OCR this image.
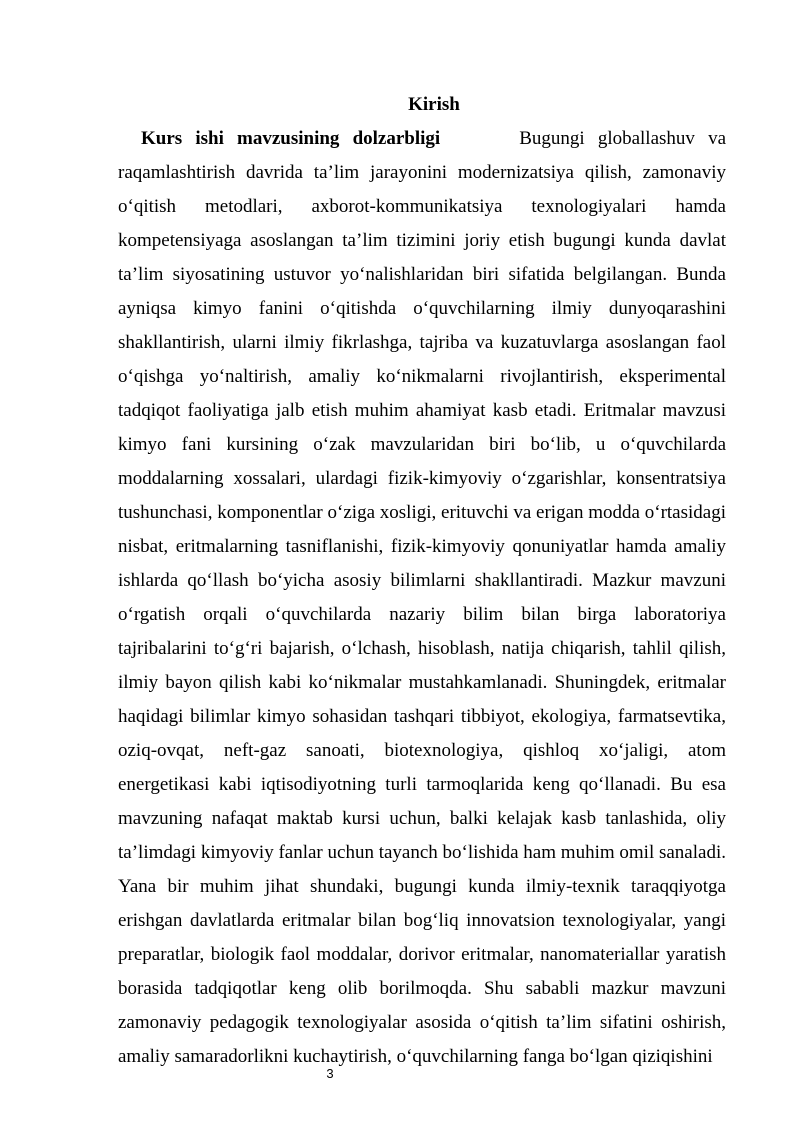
Kirish

Kurs ishi mavzusining dolzarbligi	Bugungi globallashuv va raqamlashtirish davrida ta’lim jarayonini modernizatsiya qilish, zamonaviy o‘qitish metodlari, axborot-kommunikatsiya texnologiyalari hamda kompetensiyaga asoslangan ta’lim tizimini joriy etish bugungi kunda davlat ta’lim siyosatining ustuvor yo‘nalishlaridan biri sifatida belgilangan. Bunda ayniqsa kimyo fanini o‘qitishda o‘quvchilarning ilmiy dunyoqarashini shakllantirish, ularni ilmiy fikrlashga, tajriba va kuzatuvlarga asoslangan faol o‘qishga yo‘naltirish, amaliy ko‘nikmalarni rivojlantirish, eksperimental tadqiqot faoliyatiga jalb etish muhim ahamiyat kasb etadi. Eritmalar mavzusi kimyo fani kursining o‘zak mavzularidan biri bo‘lib, u o‘quvchilarda moddalarning xossalari, ulardagi fizik-kimyoviy o‘zgarishlar, konsentratsiya tushunchasi, komponentlar o‘ziga xosligi, erituvchi va erigan modda o‘rtasidagi nisbat, eritmalarning tasniflanishi, fizik-kimyoviy qonuniyatlar hamda amaliy ishlarda qo‘llash bo‘yicha asosiy bilimlarni shakllantiradi. Mazkur mavzuni o‘rgatish orqali o‘quvchilarda nazariy bilim bilan birga laboratoriya tajribalarini to‘g‘ri bajarish, o‘lchash, hisoblash, natija chiqarish, tahlil qilish, ilmiy bayon qilish kabi ko‘nikmalar mustahkamlanadi. Shuningdek, eritmalar haqidagi bilimlar kimyo sohasidan tashqari tibbiyot, ekologiya, farmatsevtika, oziq-ovqat, neft-gaz sanoati, biotexnologiya, qishloq xo‘jaligi, atom energetikasi kabi iqtisodiyotning turli tarmoqlarida keng qo‘llanadi. Bu esa mavzuning nafaqat maktab kursi uchun, balki kelajak kasb tanlashida, oliy ta’limdagi kimyoviy fanlar uchun tayanch bo‘lishida ham muhim omil sanaladi. Yana bir muhim jihat shundaki, bugungi kunda ilmiy-texnik taraqqiyotga erishgan davlatlarda eritmalar bilan bog‘liq innovatsion texnologiyalar, yangi preparatlar, biologik faol moddalar, dorivor eritmalar, nanomateriallar yaratish borasida tadqiqotlar keng olib borilmoqda. Shu sababli mazkur mavzuni zamonaviy pedagogik texnologiyalar asosida o‘qitish ta’lim sifatini oshirish, amaliy samaradorlikni kuchaytirish, o‘quvchilarning fanga bo‘lgan qiziqishini

3
